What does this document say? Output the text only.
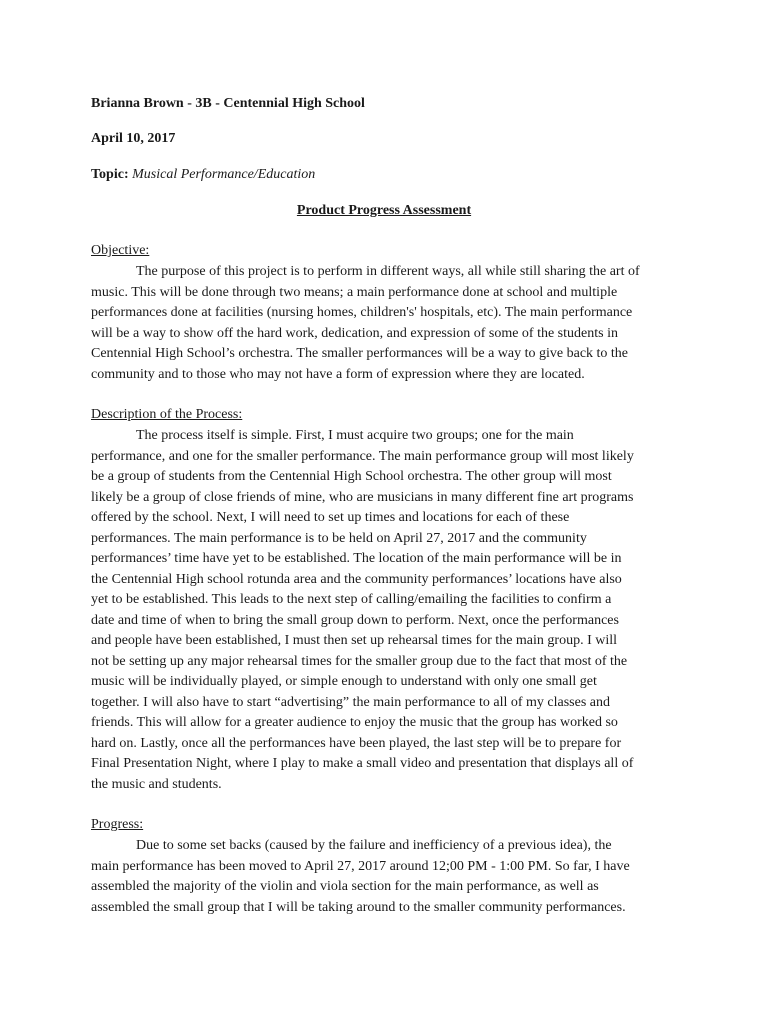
Brianna Brown - 3B - Centennial High School
April 10, 2017
Topic: Musical Performance/Education
Product Progress Assessment
Objective:
The purpose of this project is to perform in different ways, all while still sharing the art of
music. This will be done through two means; a main performance done at school and multiple
performances done at facilities (nursing homes, children's' hospitals, etc). The main performance
will be a way to show off the hard work, dedication, and expression of some of the students in
Centennial High School’s orchestra. The smaller performances will be a way to give back to the
community and to those who may not have a form of expression where they are located.
Description of the Process:
The process itself is simple. First, I must acquire two groups; one for the main
performance, and one for the smaller performance. The main performance group will most likely
be a group of students from the Centennial High School orchestra. The other group will most
likely be a group of close friends of mine, who are musicians in many different fine art programs
offered by the school. Next, I will need to set up times and locations for each of these
performances. The main performance is to be held on April 27, 2017 and the community
performances’ time have yet to be established. The location of the main performance will be in
the Centennial High school rotunda area and the community performances’ locations have also
yet to be established. This leads to the next step of calling/emailing the facilities to confirm a
date and time of when to bring the small group down to perform. Next, once the performances
and people have been established, I must then set up rehearsal times for the main group. I will
not be setting up any major rehearsal times for the smaller group due to the fact that most of the
music will be individually played, or simple enough to understand with only one small get
together. I will also have to start “advertising” the main performance to all of my classes and
friends. This will allow for a greater audience to enjoy the music that the group has worked so
hard on. Lastly, once all the performances have been played, the last step will be to prepare for
Final Presentation Night, where I play to make a small video and presentation that displays all of
the music and students.
Progress:
Due to some set backs (caused by the failure and inefficiency of a previous idea), the
main performance has been moved to April 27, 2017 around 12;00 PM - 1:00 PM. So far, I have
assembled the majority of the violin and viola section for the main performance, as well as
assembled the small group that I will be taking around to the smaller community performances.
